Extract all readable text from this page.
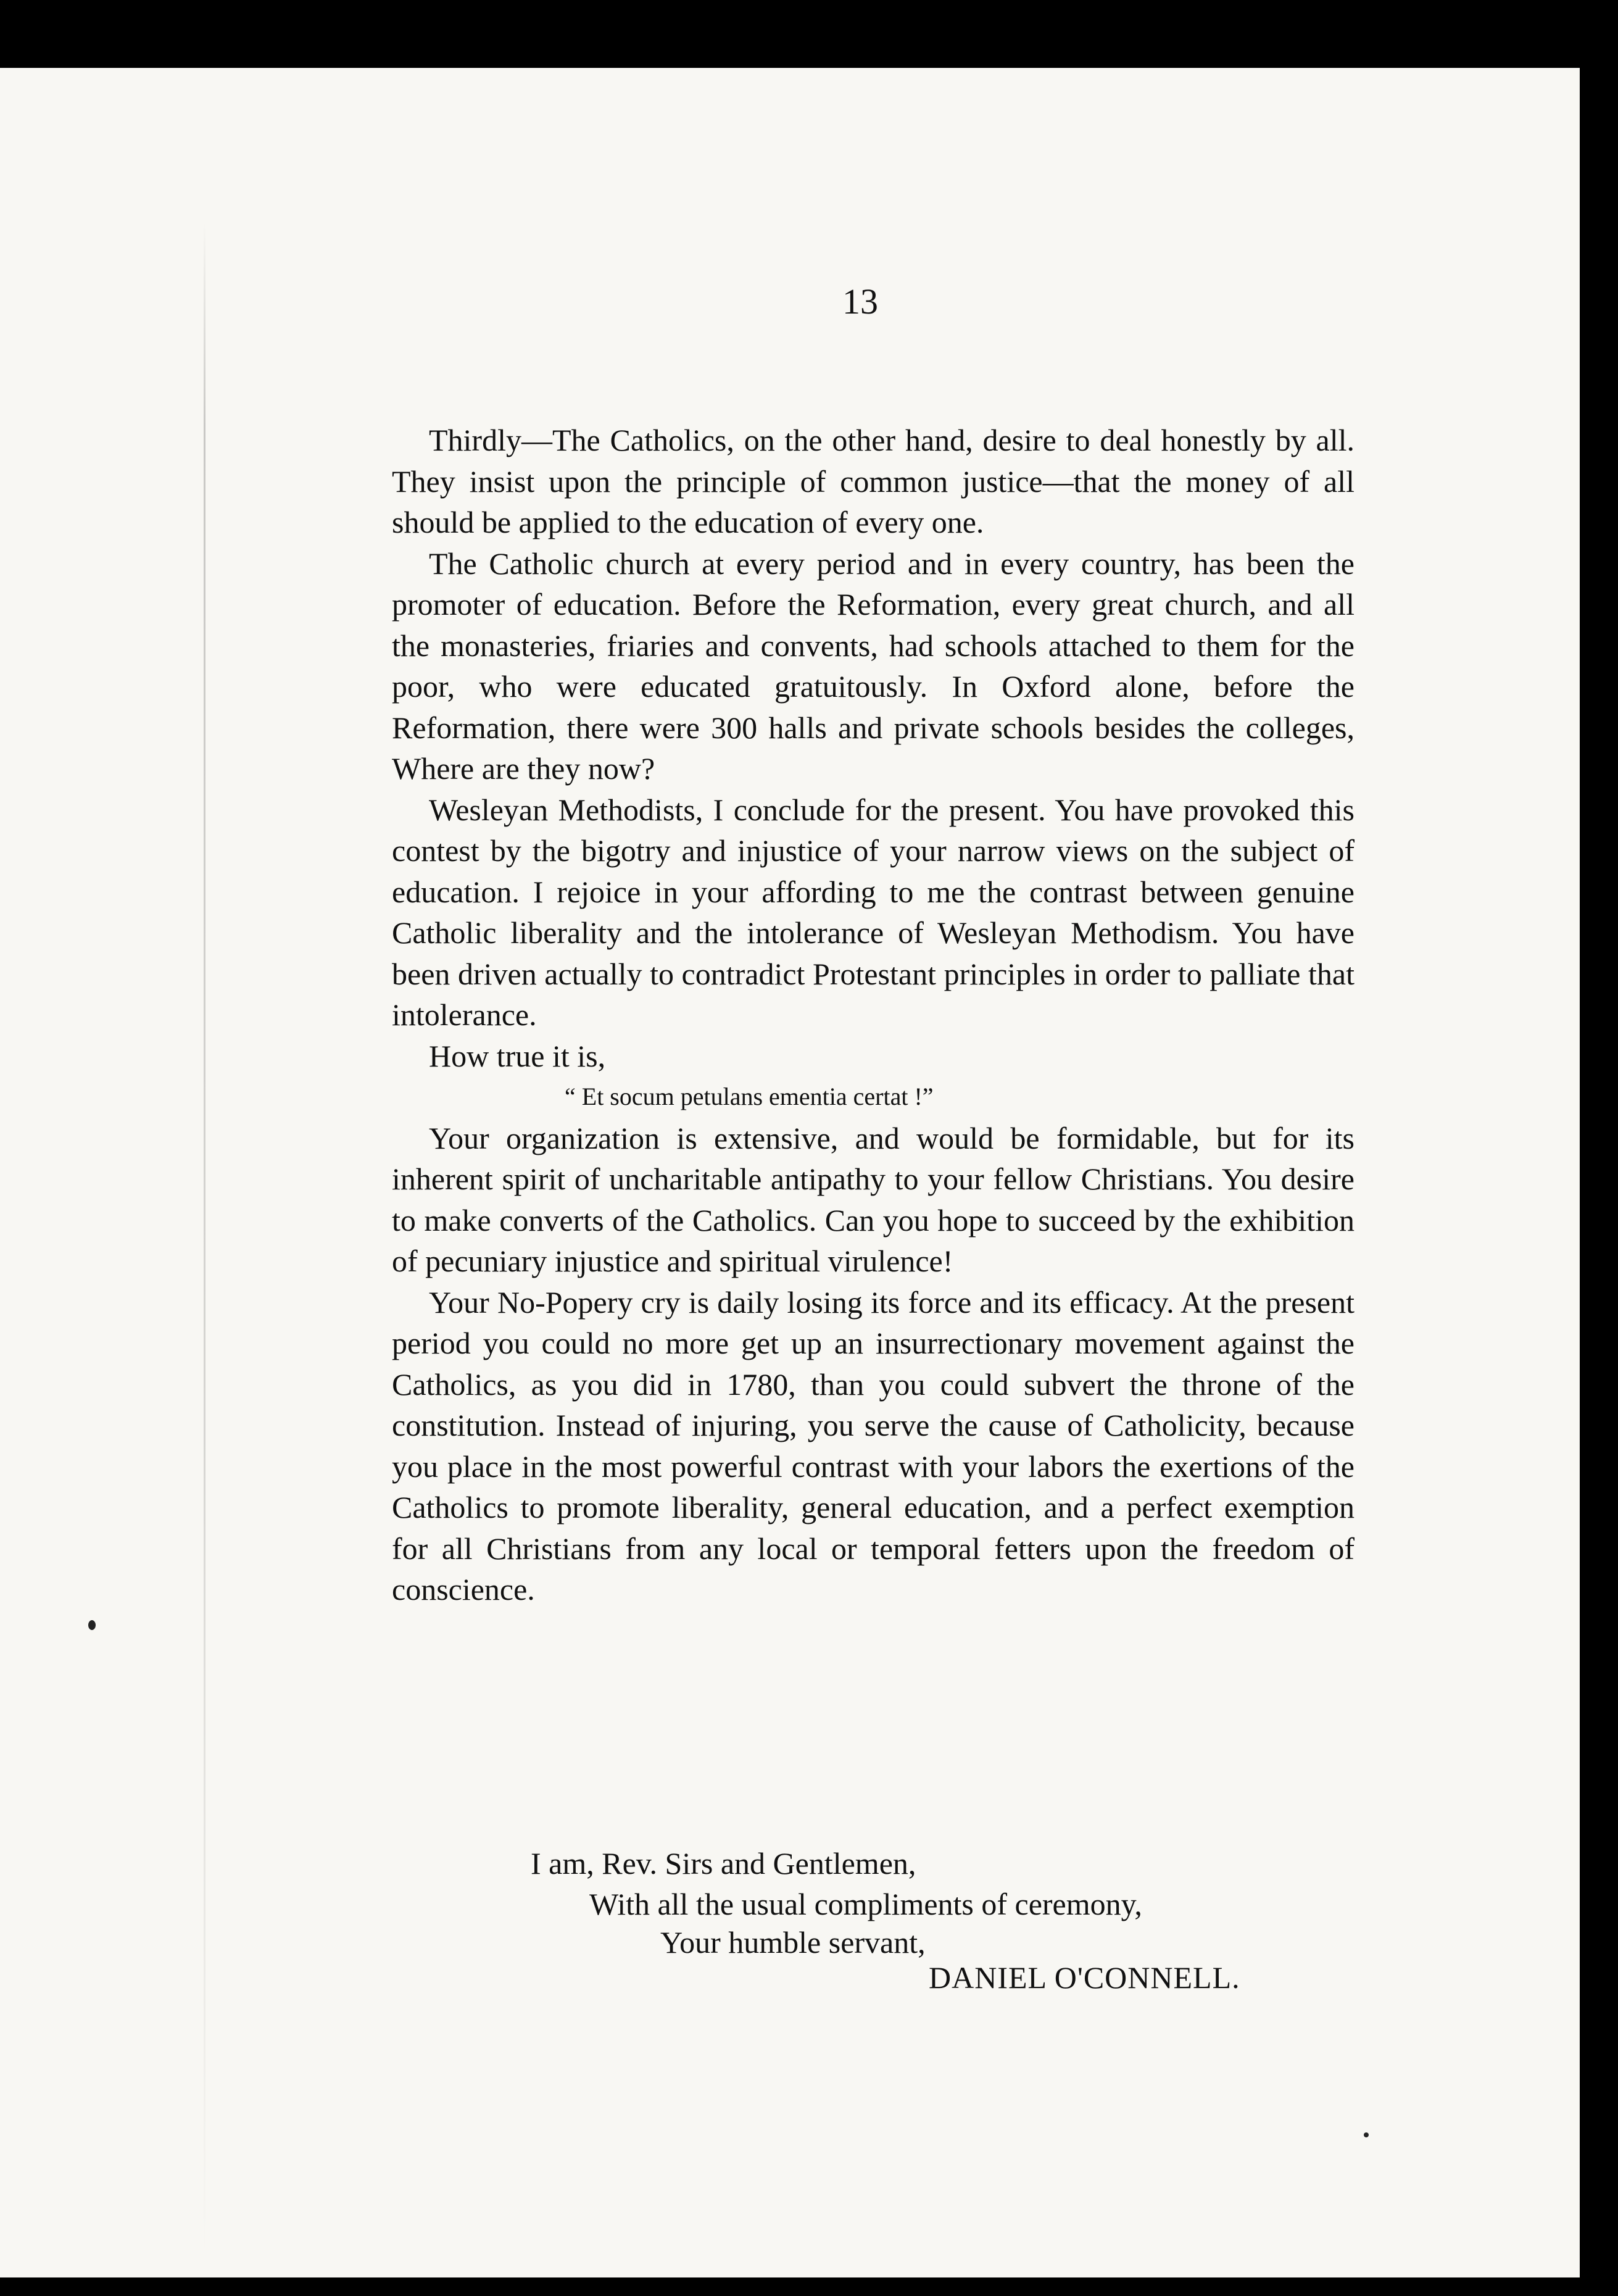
13

Thirdly—The Catholics, on the other hand, desire to deal honestly by all. They insist upon the principle of common justice—that the money of all should be applied to the education of every one.

The Catholic church at every period and in every country, has been the promoter of education. Before the Reformation, every great church, and all the monasteries, friaries and convents, had schools attached to them for the poor, who were educated gratuitously. In Oxford alone, before the Reformation, there were 300 halls and private schools besides the colleges, Where are they now?

Wesleyan Methodists, I conclude for the present. You have provoked this contest by the bigotry and injustice of your narrow views on the subject of education. I rejoice in your affording to me the contrast between genuine Catholic liberality and the intolerance of Wesleyan Methodism. You have been driven actually to contradict Protestant principles in order to palliate that intolerance.

How true it is,

“ Et socum petulans ementia certat !”

Your organization is extensive, and would be formidable, but for its inherent spirit of uncharitable antipathy to your fellow Christians. You desire to make converts of the Catholics. Can you hope to succeed by the exhibition of pecuniary injustice and spiritual virulence!

Your No-Popery cry is daily losing its force and its efficacy. At the present period you could no more get up an insurrectionary movement against the Catholics, as you did in 1780, than you could subvert the throne of the constitution. Instead of injuring, you serve the cause of Catholicity, because you place in the most powerful contrast with your labors the exertions of the Catholics to promote liberality, general education, and a perfect exemption for all Christians from any local or temporal fetters upon the freedom of conscience.

I am, Rev. Sirs and Gentlemen,
With all the usual compliments of ceremony,
Your humble servant,
DANIEL O'CONNELL.
